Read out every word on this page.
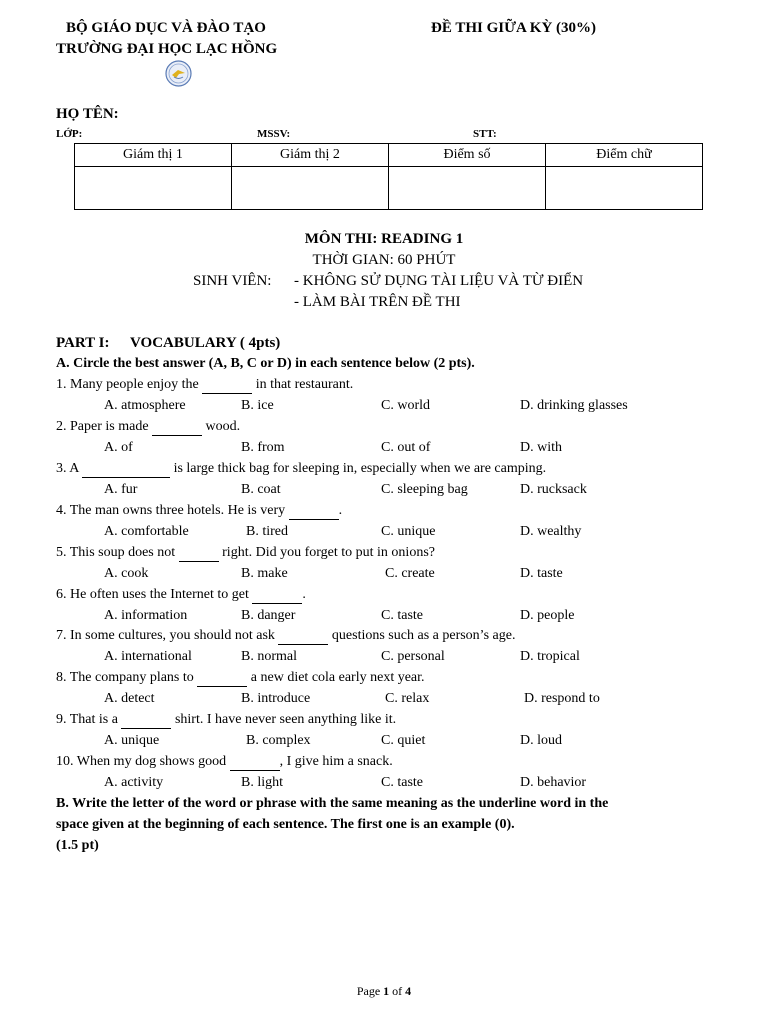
BỘ GIÁO DỤC VÀ ĐÀO TẠO
TRƯỜNG ĐẠI HỌC LẠC HỒNG
ĐỀ THI GIỮA KỲ (30%)
HỌ TÊN:
LỚP:	MSSV:	STT:
Giám thị 1	Giám thị 2	Điểm số	Điểm chữ

MÔN THI: READING 1
THỜI GIAN: 60 PHÚT
SINH VIÊN: - KHÔNG SỬ DỤNG TÀI LIỆU VÀ TỪ ĐIỂN
- LÀM BÀI TRÊN ĐỀ THI
PART I: VOCABULARY ( 4pts)
A. Circle the best answer (A, B, C or D) in each sentence below (2 pts).
1. Many people enjoy the	in that restaurant.
A. atmosphere	B. ice	C. world	D. drinking glasses
2. Paper is made	wood.
A. of	B. from	C. out of	D. with
3. A	is large thick bag for sleeping in, especially when we are camping.
A. fur	B. coat	C. sleeping bag	D. rucksack
4. The man owns three hotels. He is very	.
A. comfortable	B. tired	C. unique	D. wealthy
5. This soup does not	right. Did you forget to put in onions?
A. cook	B. make	C. create	D. taste
6. He often uses the Internet to get	.
A. information	B. danger	C. taste	D. people
7. In some cultures, you should not ask	questions such as a person’s age.
A. international	B. normal	C. personal	D. tropical
8. The company plans to	a new diet cola early next year.
A. detect	B. introduce	C. relax	D. respond to
9. That is a	shirt. I have never seen anything like it.
A. unique	B. complex	C. quiet	D. loud
10. When my dog shows good	, I give him a snack.
A. activity	B. light	C. taste	D. behavior
B. Write the letter of the word or phrase with the same meaning as the underline word in the
space given at the beginning of each sentence. The first one is an example (0).
(1.5 pt)
Page 1 of 4
